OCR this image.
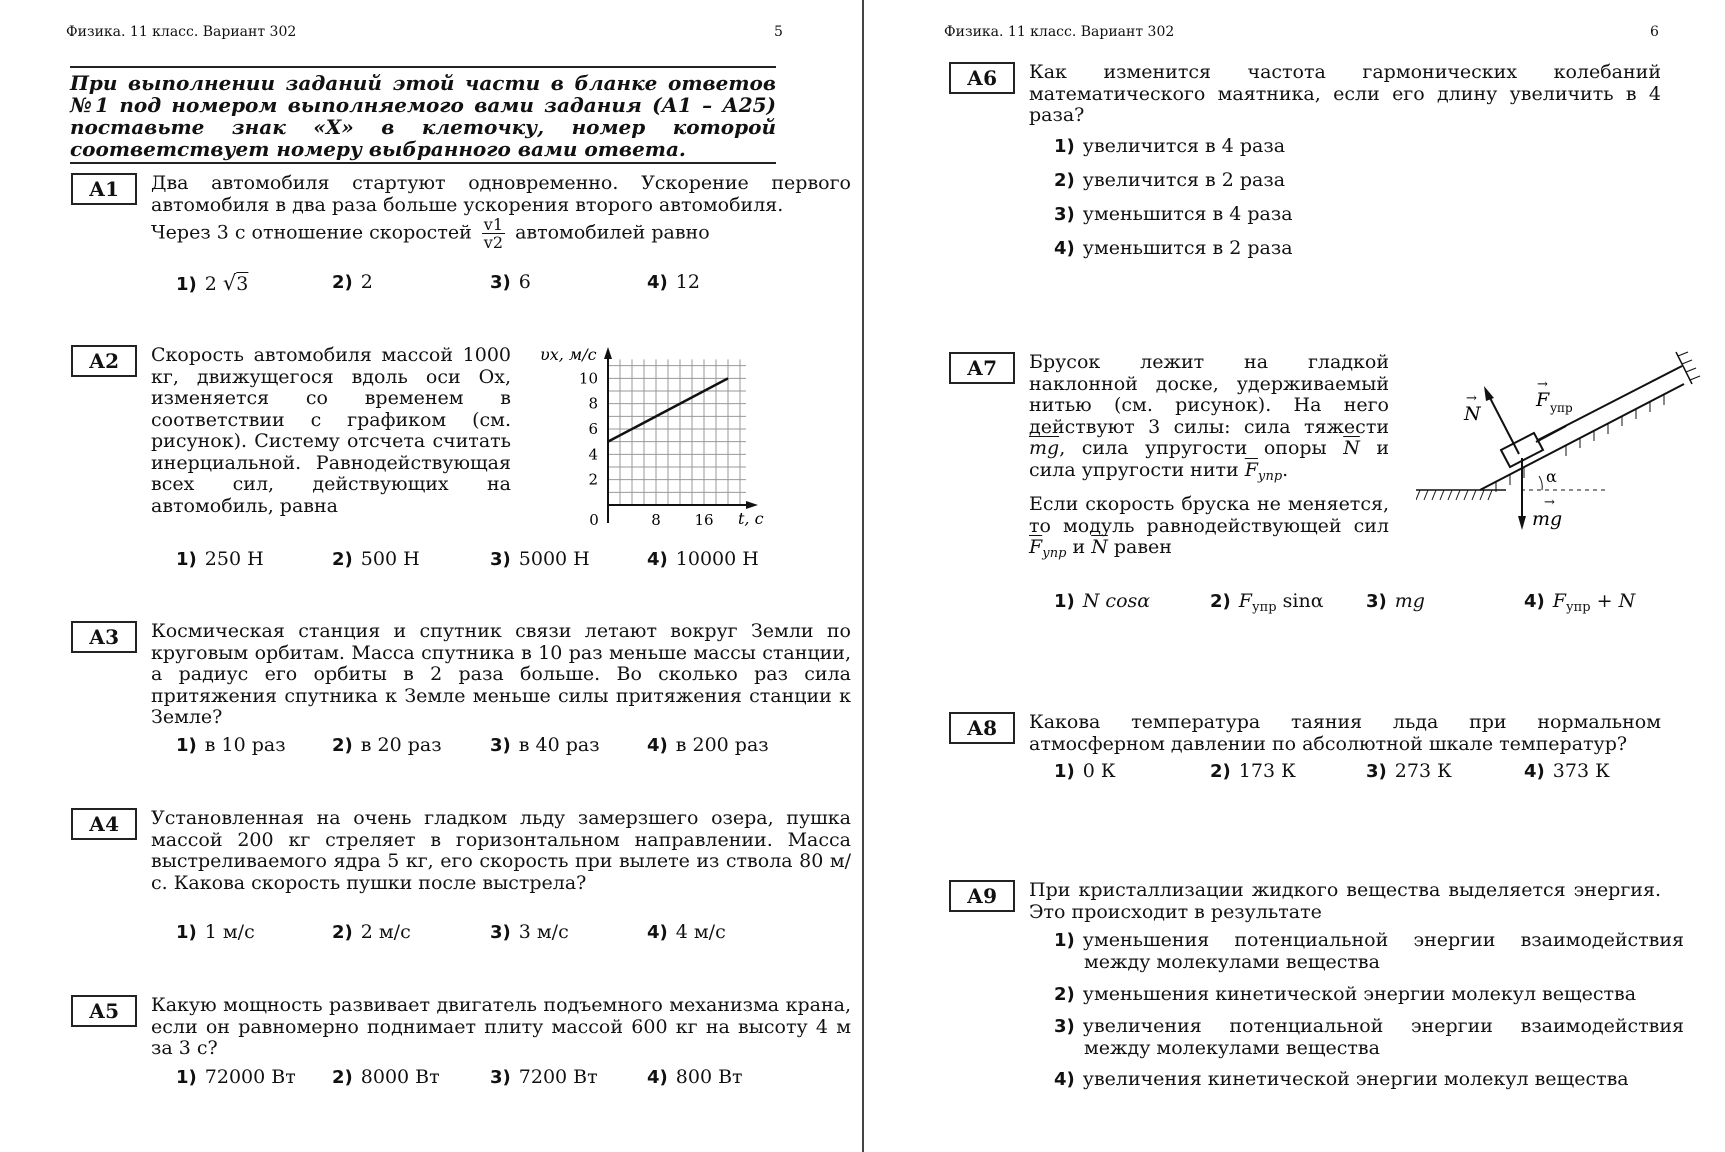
Физика. 11 класс. Вариант 302	5
При выполнении заданий этой части в бланке ответов №1 под номером выполняемого вами задания (А1 – А25) поставьте знак «Х» в клеточку, номер которой соответствует номеру выбранного вами ответа.
А1	Два автомобиля стартуют одновременно. Ускорение первого автомобиля в два раза больше ускорения второго автомобиля.
Через 3 с отношение скоростей $\frac{v1}{v2}$ автомобилей равно
1) 2 √3	2) 2	3) 6	4) 12
А2	Скорость автомобиля массой 1000 кг, движущегося вдоль оси Ох, изменяется со временем в соответствии с графиком (см. рисунок). Систему отсчета считать инерциальной. Равнодействующая всех сил, действующих на автомобиль, равна
2
4
6
8
10
0	8 16
υx, м/с
t, c
1) 250 Н	2) 500 Н	3) 5000 Н	4) 10000 Н
А3	Космическая станция и спутник связи летают вокруг Земли по круговым орбитам. Масса спутника в 10 раз меньше массы станции, а радиус его орбиты в 2 раза больше. Во сколько раз сила притяжения спутника к Земле меньше силы притяжения станции к Земле?
1) в 10 раз	2) в 20 раз	3) в 40 раз	4) в 200 раз
А4	Установленная на очень гладком льду замерзшего озера, пушка массой 200 кг стреляет в горизонтальном направлении. Масса выстреливаемого ядра 5 кг, его скорость при вылете из ствола 80 м/с. Какова скорость пушки после выстрела?
1) 1 м/с	2) 2 м/с	3) 3 м/с	4) 4 м/с
А5	Какую мощность развивает двигатель подъемного механизма крана, если он равномерно поднимает плиту массой 600 кг на высоту 4 м за 3 с?
1) 72000 Вт 2) 8000 Вт	3) 7200 Вт	4) 800 Вт
Физика. 11 класс. Вариант 302	6
А6	Как изменится частота гармонических колебаний математического маятника, если его длину увеличить в 4 раза?
1) увеличится в 4 раза
2) увеличится в 2 раза
3) уменьшится в 4 раза
4) уменьшится в 2 раза
А7	Брусок лежит на гладкой наклонной доске, удерживаемый нитью (см. рисунок). На него действуют 3 силы: сила тяжести $\overline{mg}$, сила упругости опоры $\overline{N}$ и сила упругости нити $\overline{F}_{упр}$.
Если скорость бруска не меняется, то модуль равнодействующей сил $\overline{F}_{упр}$ и $\overline{N}$ равен
α
N
→	F
→
упр
mg
→
1) N cosα	2) $F_{упр}$ sinα 3) mg	4) $F_{упр} + N$
А8	Какова температура таяния льда при нормальном атмосферном давлении по абсолютной шкале температур?
1) 0 К	2) 173 К	3) 273 К	4) 373 К
А9	При кристаллизации жидкого вещества выделяется энергия. Это происходит в результате
1) уменьшения потенциальной энергии взаимодействия между молекулами вещества
2) уменьшения кинетической энергии молекул вещества
3) увеличения потенциальной энергии взаимодействия между молекулами вещества
4) увеличения кинетической энергии молекул вещества
